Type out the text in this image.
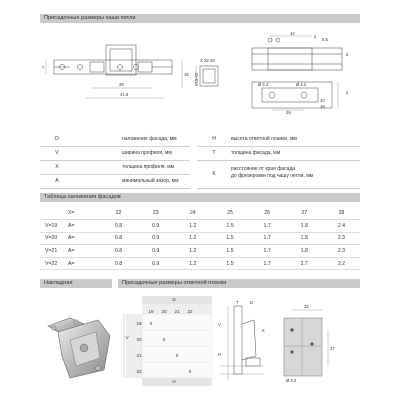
Присадочные размеры чаши петли
7
28
41.6
16 V19-22
X 22-28
42
2
6.5
5
2
28
10
18
Ø 4.2	Ø 4.2
D	наложение фасада, мм
V	ширина профиля, мм
X	толщина профиля, мм
A	минимальный зазор, мм
H	высота ответной планки, мм
T	толщина фасада, мм
K
расстояние от края фасада
до фрезеровки под чашу петли, мм
Таблица наложения фасадов
	X=	22	23	24	25	26	27	28
V=19	A=	0.8	0.9	1.2	1.5	1.7	1.8	2.4
V=20	A=	0.8	0.9	1.2	1.5	1.7	1.8	2.3
V=21	A=	0.8	0.9	1.2	1.5	1.7	1.8	2.3
V=22	A=	0.8	0.9	1.2	1.5	1.7	1.7	2.2
Накладная	Присадочные размеры ответной планки
D
19	20	21	22
V
19
20
21
22
0
0
0
0
H
H
V
D
T
K
32
37
Ø 4.2
